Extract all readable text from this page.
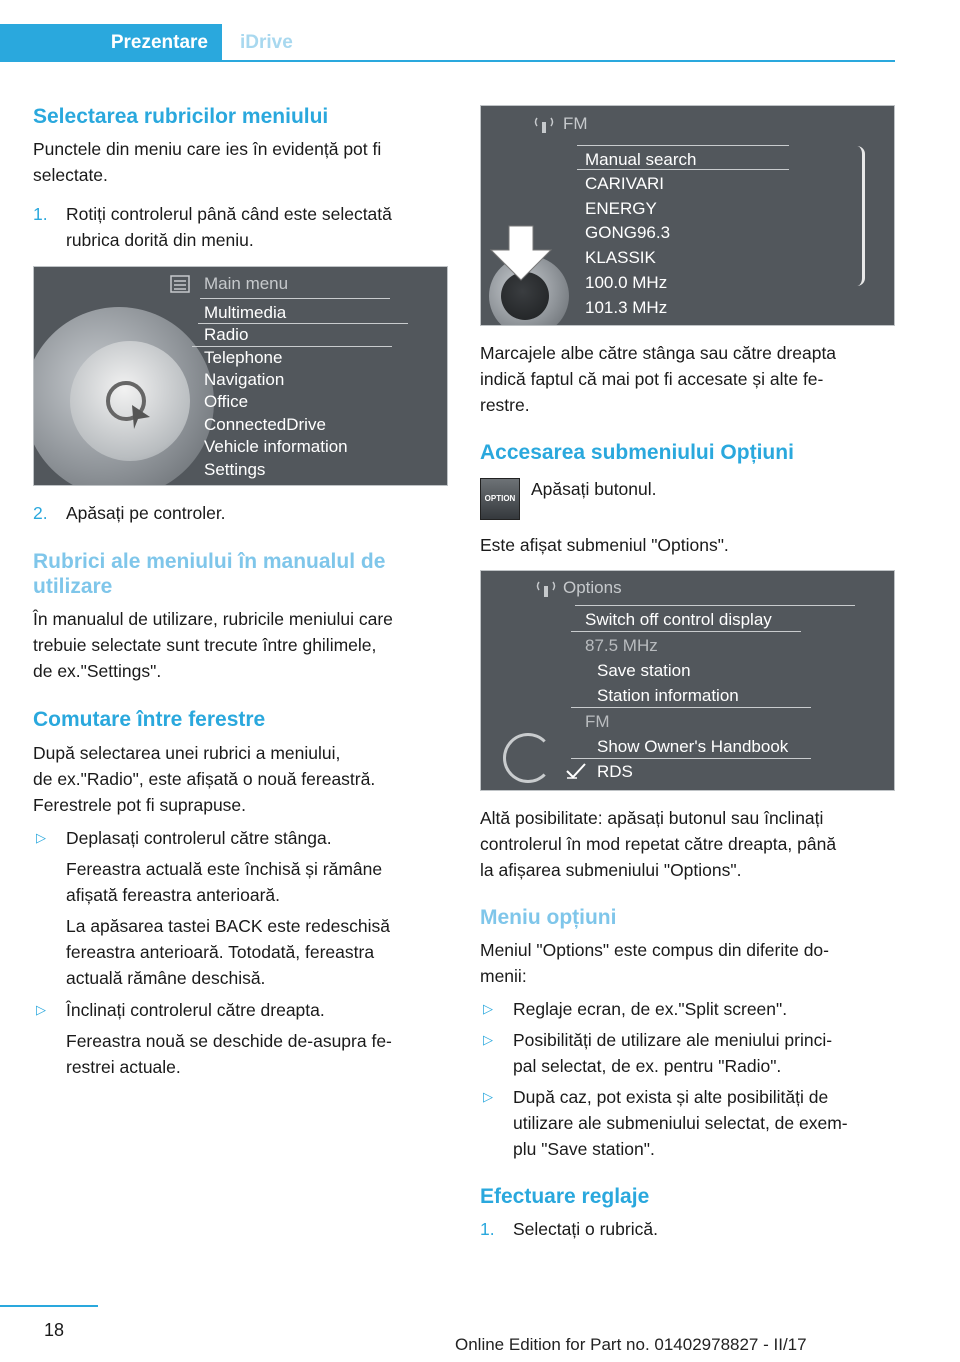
Prezentare	iDrive
Selectarea rubricilor meniului
Punctele din meniu care ies în evidență pot fi
selectate.
1. Rotiți controlerul până când este selectată
rubrica dorită din meniu.
Main menu
Multimedia
Radio
Telephone
Navigation
Office
ConnectedDrive
Vehicle information
Settings
2. Apăsați pe controler.
Rubrici ale meniului în manualul de
utilizare
În manualul de utilizare, rubricile meniului care
trebuie selectate sunt trecute între ghilimele,
de ex."Settings".
Comutare între ferestre
După selectarea unei rubrici a meniului,
de ex."Radio", este afișată o nouă fereastră.
Ferestrele pot fi suprapuse.
▷ Deplasați controlerul către stânga.
Fereastra actuală este închisă și rămâne
afișată fereastra anterioară.
La apăsarea tastei BACK este redeschisă
fereastra anterioară. Totodată, fereastra
actuală rămâne deschisă.
▷ Înclinați controlerul către dreapta.
Fereastra nouă se deschide de-asupra fe‐
restrei actuale.
FM
Manual search
CARIVARI
ENERGY
GONG96.3
KLASSIK
100.0 MHz
101.3 MHz
Marcajele albe către stânga sau către dreapta
indică faptul că mai pot fi accesate și alte fe‐
restre.
Accesarea submeniului Opțiuni
OPTION Apăsați butonul.
Este afișat submeniul "Options".
Options
Switch off control display
87.5 MHz
Save station
Station information
FM
Show Owner's Handbook
RDS
Altă posibilitate: apăsați butonul sau înclinați
controlerul în mod repetat către dreapta, până
la afișarea submeniului "Options".
Meniu opțiuni
Meniul "Options" este compus din diferite do‐
menii:
▷ Reglaje ecran, de ex."Split screen".
▷ Posibilități de utilizare ale meniului princi‐
pal selectat, de ex. pentru "Radio".
▷ După caz, pot exista și alte posibilități de
utilizare ale submeniului selectat, de exem‐
plu "Save station".
Efectuare reglaje
1. Selectați o rubrică.
18
Online Edition for Part no. 01402978827 - II/17
